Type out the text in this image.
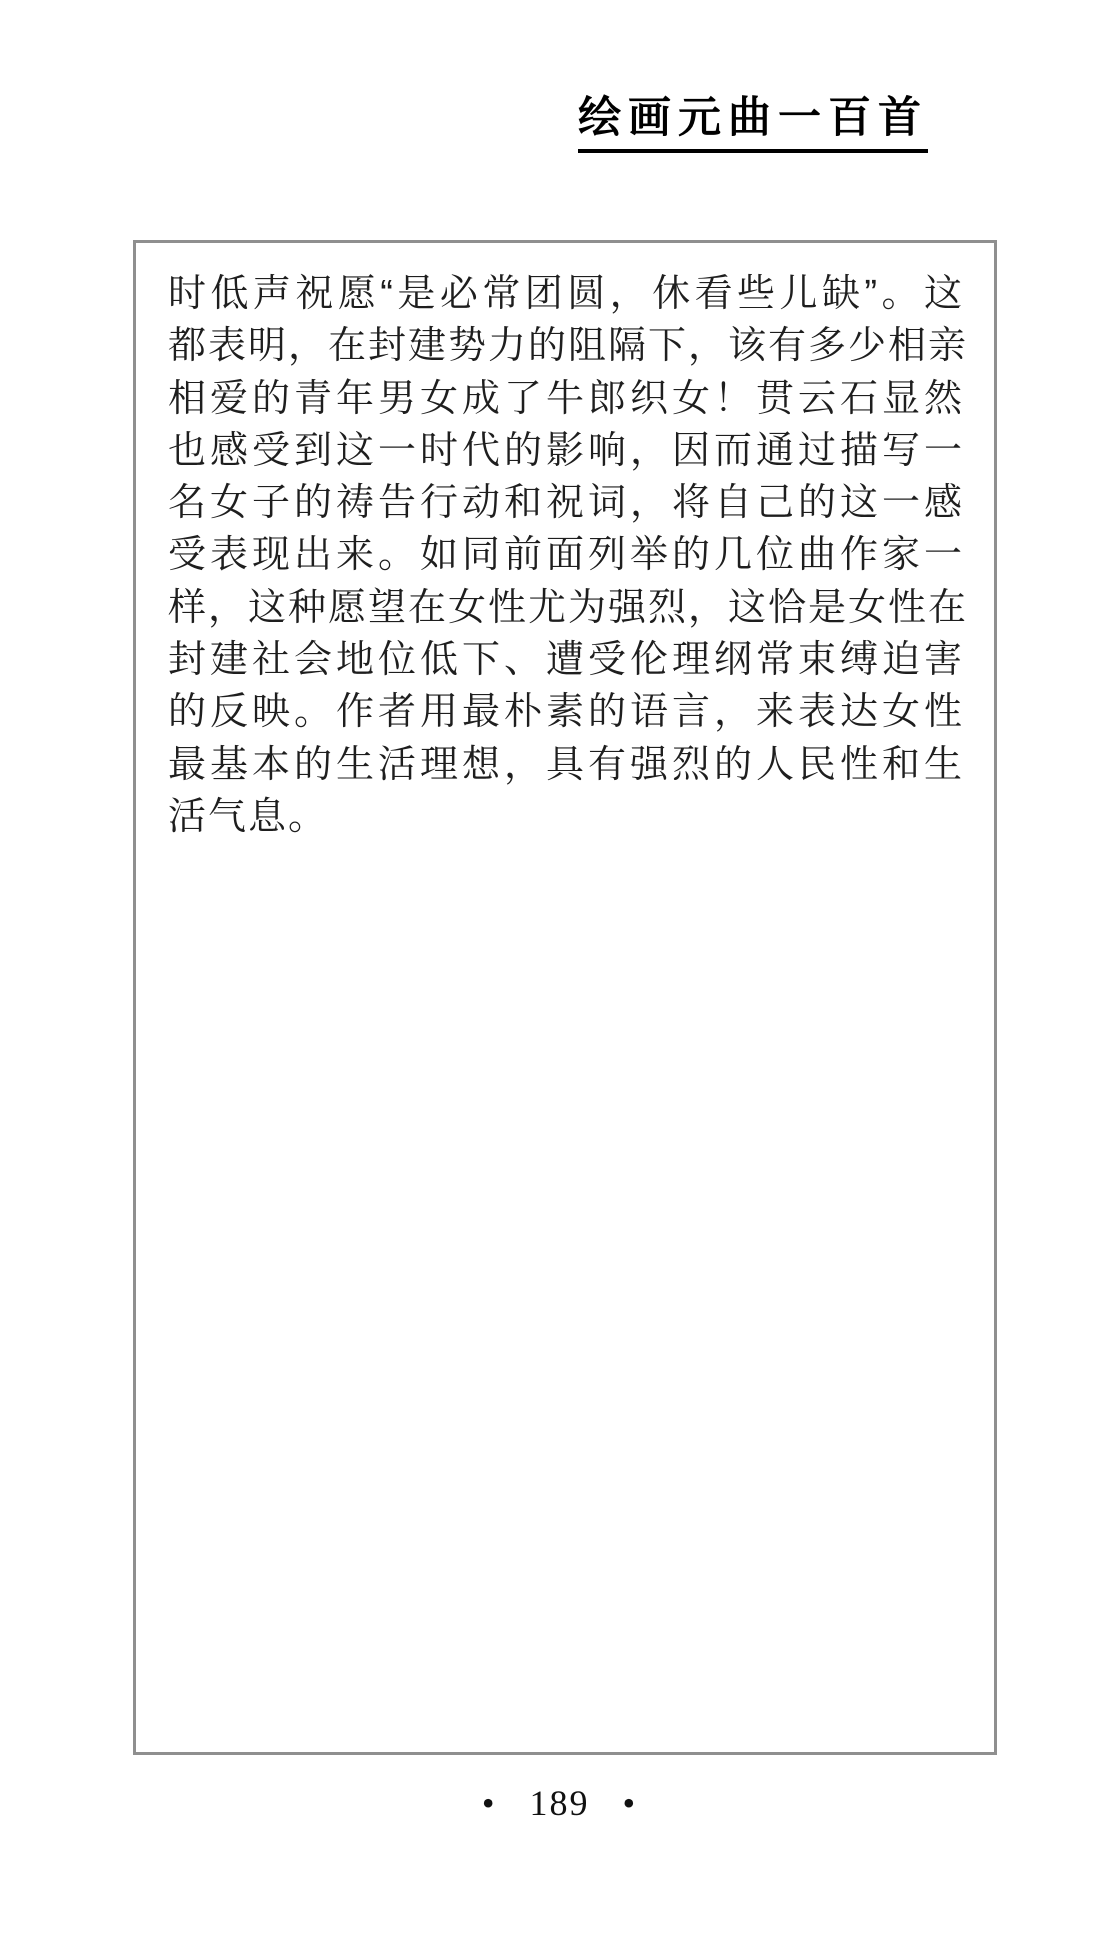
绘画元曲一百首
时低声祝愿“是必常团圆，休看些儿缺”。这
都表明，在封建势力的阻隔下，该有多少相亲
相爱的青年男女成了牛郎织女！贯云石显然
也感受到这一时代的影响，因而通过描写一
名女子的祷告行动和祝词，将自己的这一感
受表现出来。如同前面列举的几位曲作家一
样，这种愿望在女性尤为强烈，这恰是女性在
封建社会地位低下、遭受伦理纲常束缚迫害
的反映。作者用最朴素的语言，来表达女性
最基本的生活理想，具有强烈的人民性和生
活气息。
• 189 •
